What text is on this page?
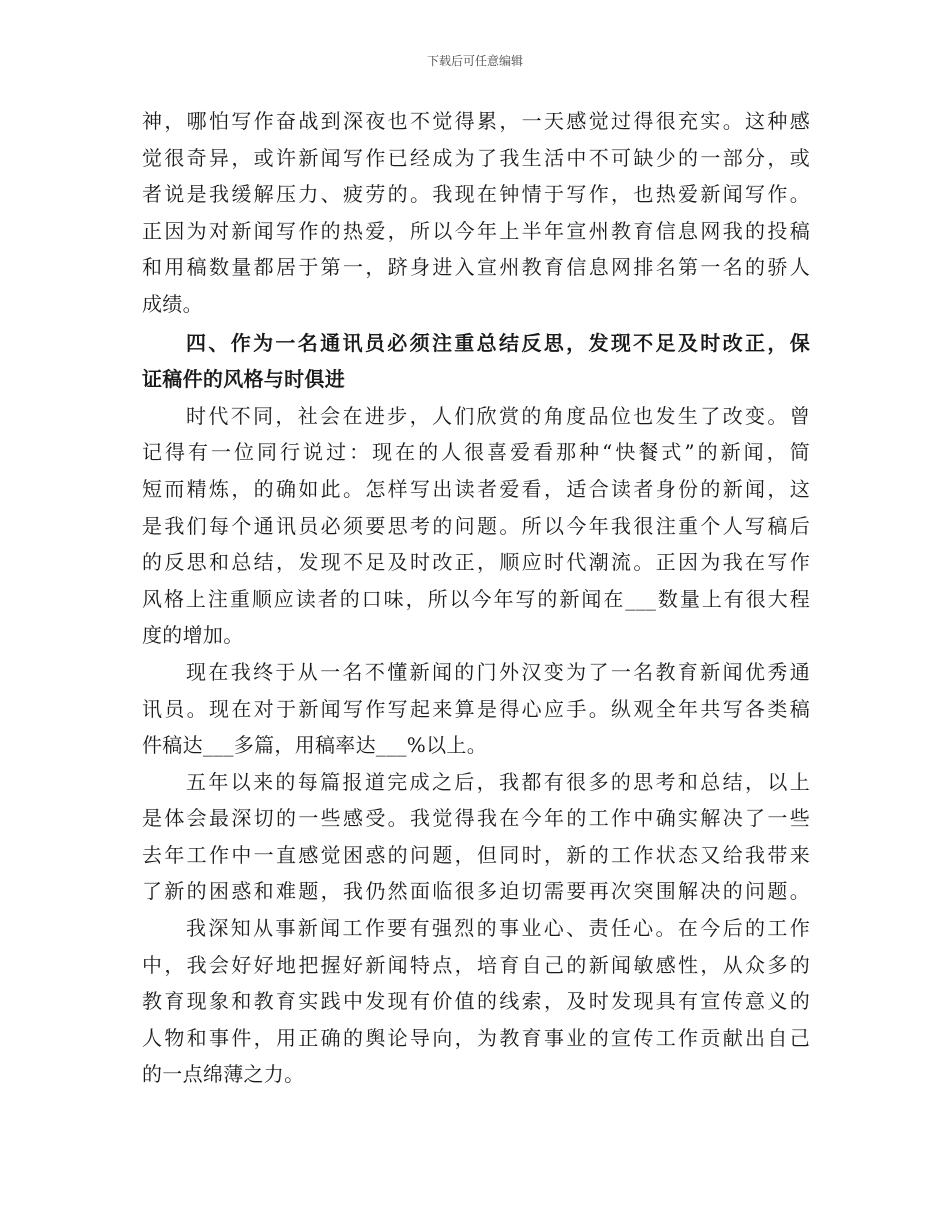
下载后可任意编辑
神，哪怕写作奋战到深夜也不觉得累，一天感觉过得很充实。这种感
觉很奇异，或许新闻写作已经成为了我生活中不可缺少的一部分，或
者说是我缓解压力、疲劳的。我现在钟情于写作，也热爱新闻写作。
正因为对新闻写作的热爱，所以今年上半年宣州教育信息网我的投稿
和用稿数量都居于第一，跻身进入宣州教育信息网排名第一名的骄人
成绩。
四、作为一名通讯员必须注重总结反思，发现不足及时改正，保
证稿件的风格与时俱进
时代不同，社会在进步，人们欣赏的角度品位也发生了改变。曾
记得有一位同行说过：现在的人很喜爱看那种“快餐式”的新闻，简
短而精炼，的确如此。怎样写出读者爱看，适合读者身份的新闻，这
是我们每个通讯员必须要思考的问题。所以今年我很注重个人写稿后
的反思和总结，发现不足及时改正，顺应时代潮流。正因为我在写作
风格上注重顺应读者的口味，所以今年写的新闻在___数量上有很大程
度的增加。
现在我终于从一名不懂新闻的门外汉变为了一名教育新闻优秀通
讯员。现在对于新闻写作写起来算是得心应手。纵观全年共写各类稿
件稿达___多篇，用稿率达___%以上。
五年以来的每篇报道完成之后，我都有很多的思考和总结，以上
是体会最深切的一些感受。我觉得我在今年的工作中确实解决了一些
去年工作中一直感觉困惑的问题，但同时，新的工作状态又给我带来
了新的困惑和难题，我仍然面临很多迫切需要再次突围解决的问题。
我深知从事新闻工作要有强烈的事业心、责任心。在今后的工作
中，我会好好地把握好新闻特点，培育自己的新闻敏感性，从众多的
教育现象和教育实践中发现有价值的线索，及时发现具有宣传意义的
人物和事件，用正确的舆论导向，为教育事业的宣传工作贡献出自己
的一点绵薄之力。
